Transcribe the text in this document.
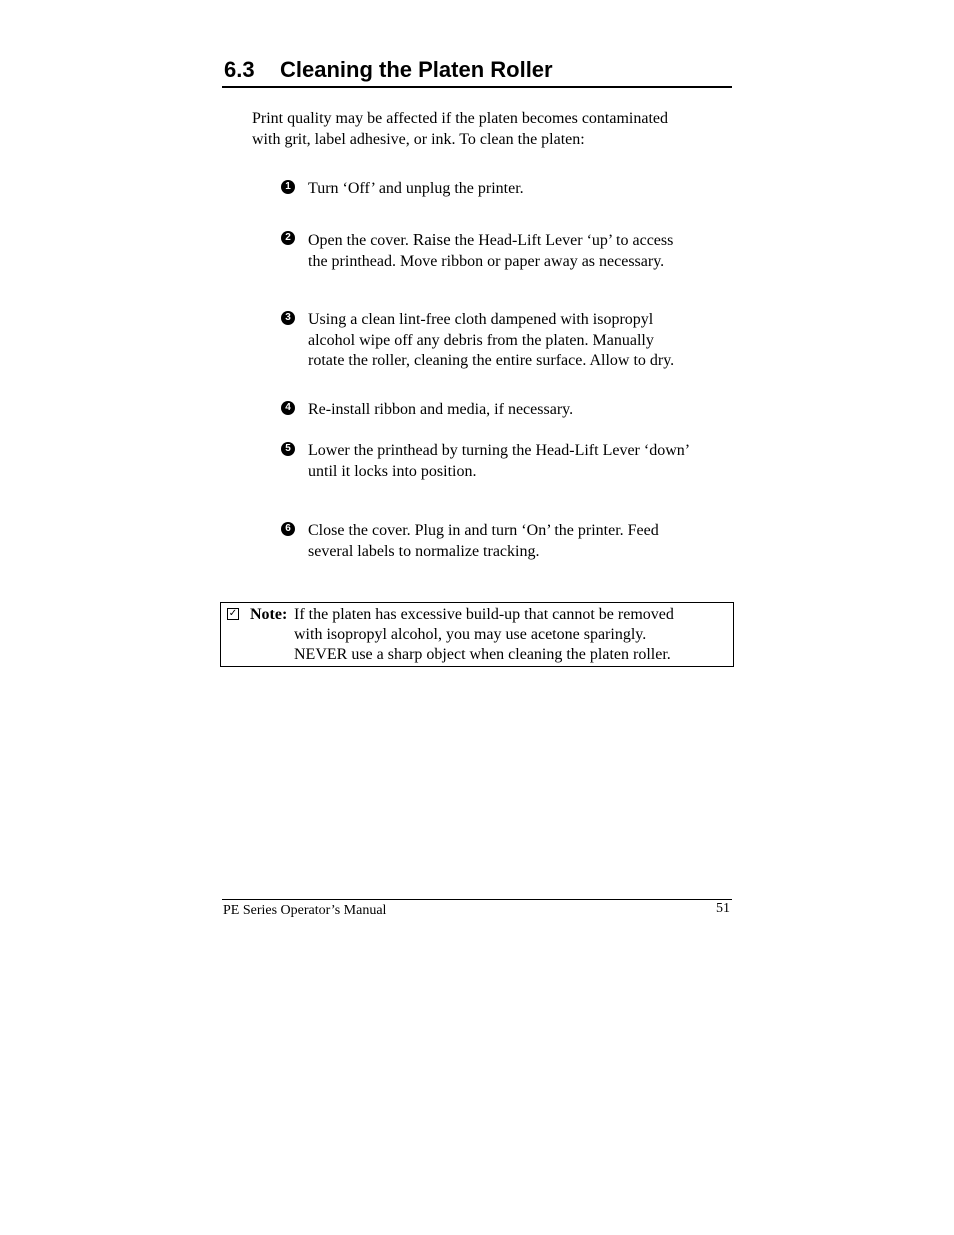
6.3 Cleaning the Platen Roller
Print quality may be affected if the platen becomes contaminated
with grit, label adhesive, or ink. To clean the platen:
1 Turn ‘Off’ and unplug the printer.
2 Open the cover. Raise the Head-Lift Lever ‘up’ to access
the printhead. Move ribbon or paper away as necessary.
3 Using a clean lint-free cloth dampened with isopropyl
alcohol wipe off any debris from the platen. Manually
rotate the roller, cleaning the entire surface. Allow to dry.
4 Re-install ribbon and media, if necessary.
5 Lower the printhead by turning the Head-Lift Lever ‘down’
until it locks into position.
6 Close the cover. Plug in and turn ‘On’ the printer. Feed
several labels to normalize tracking.
✓ Note: If the platen has excessive build-up that cannot be removed
with isopropyl alcohol, you may use acetone sparingly.
NEVER use a sharp object when cleaning the platen roller.
PE Series Operator’s Manual	51
